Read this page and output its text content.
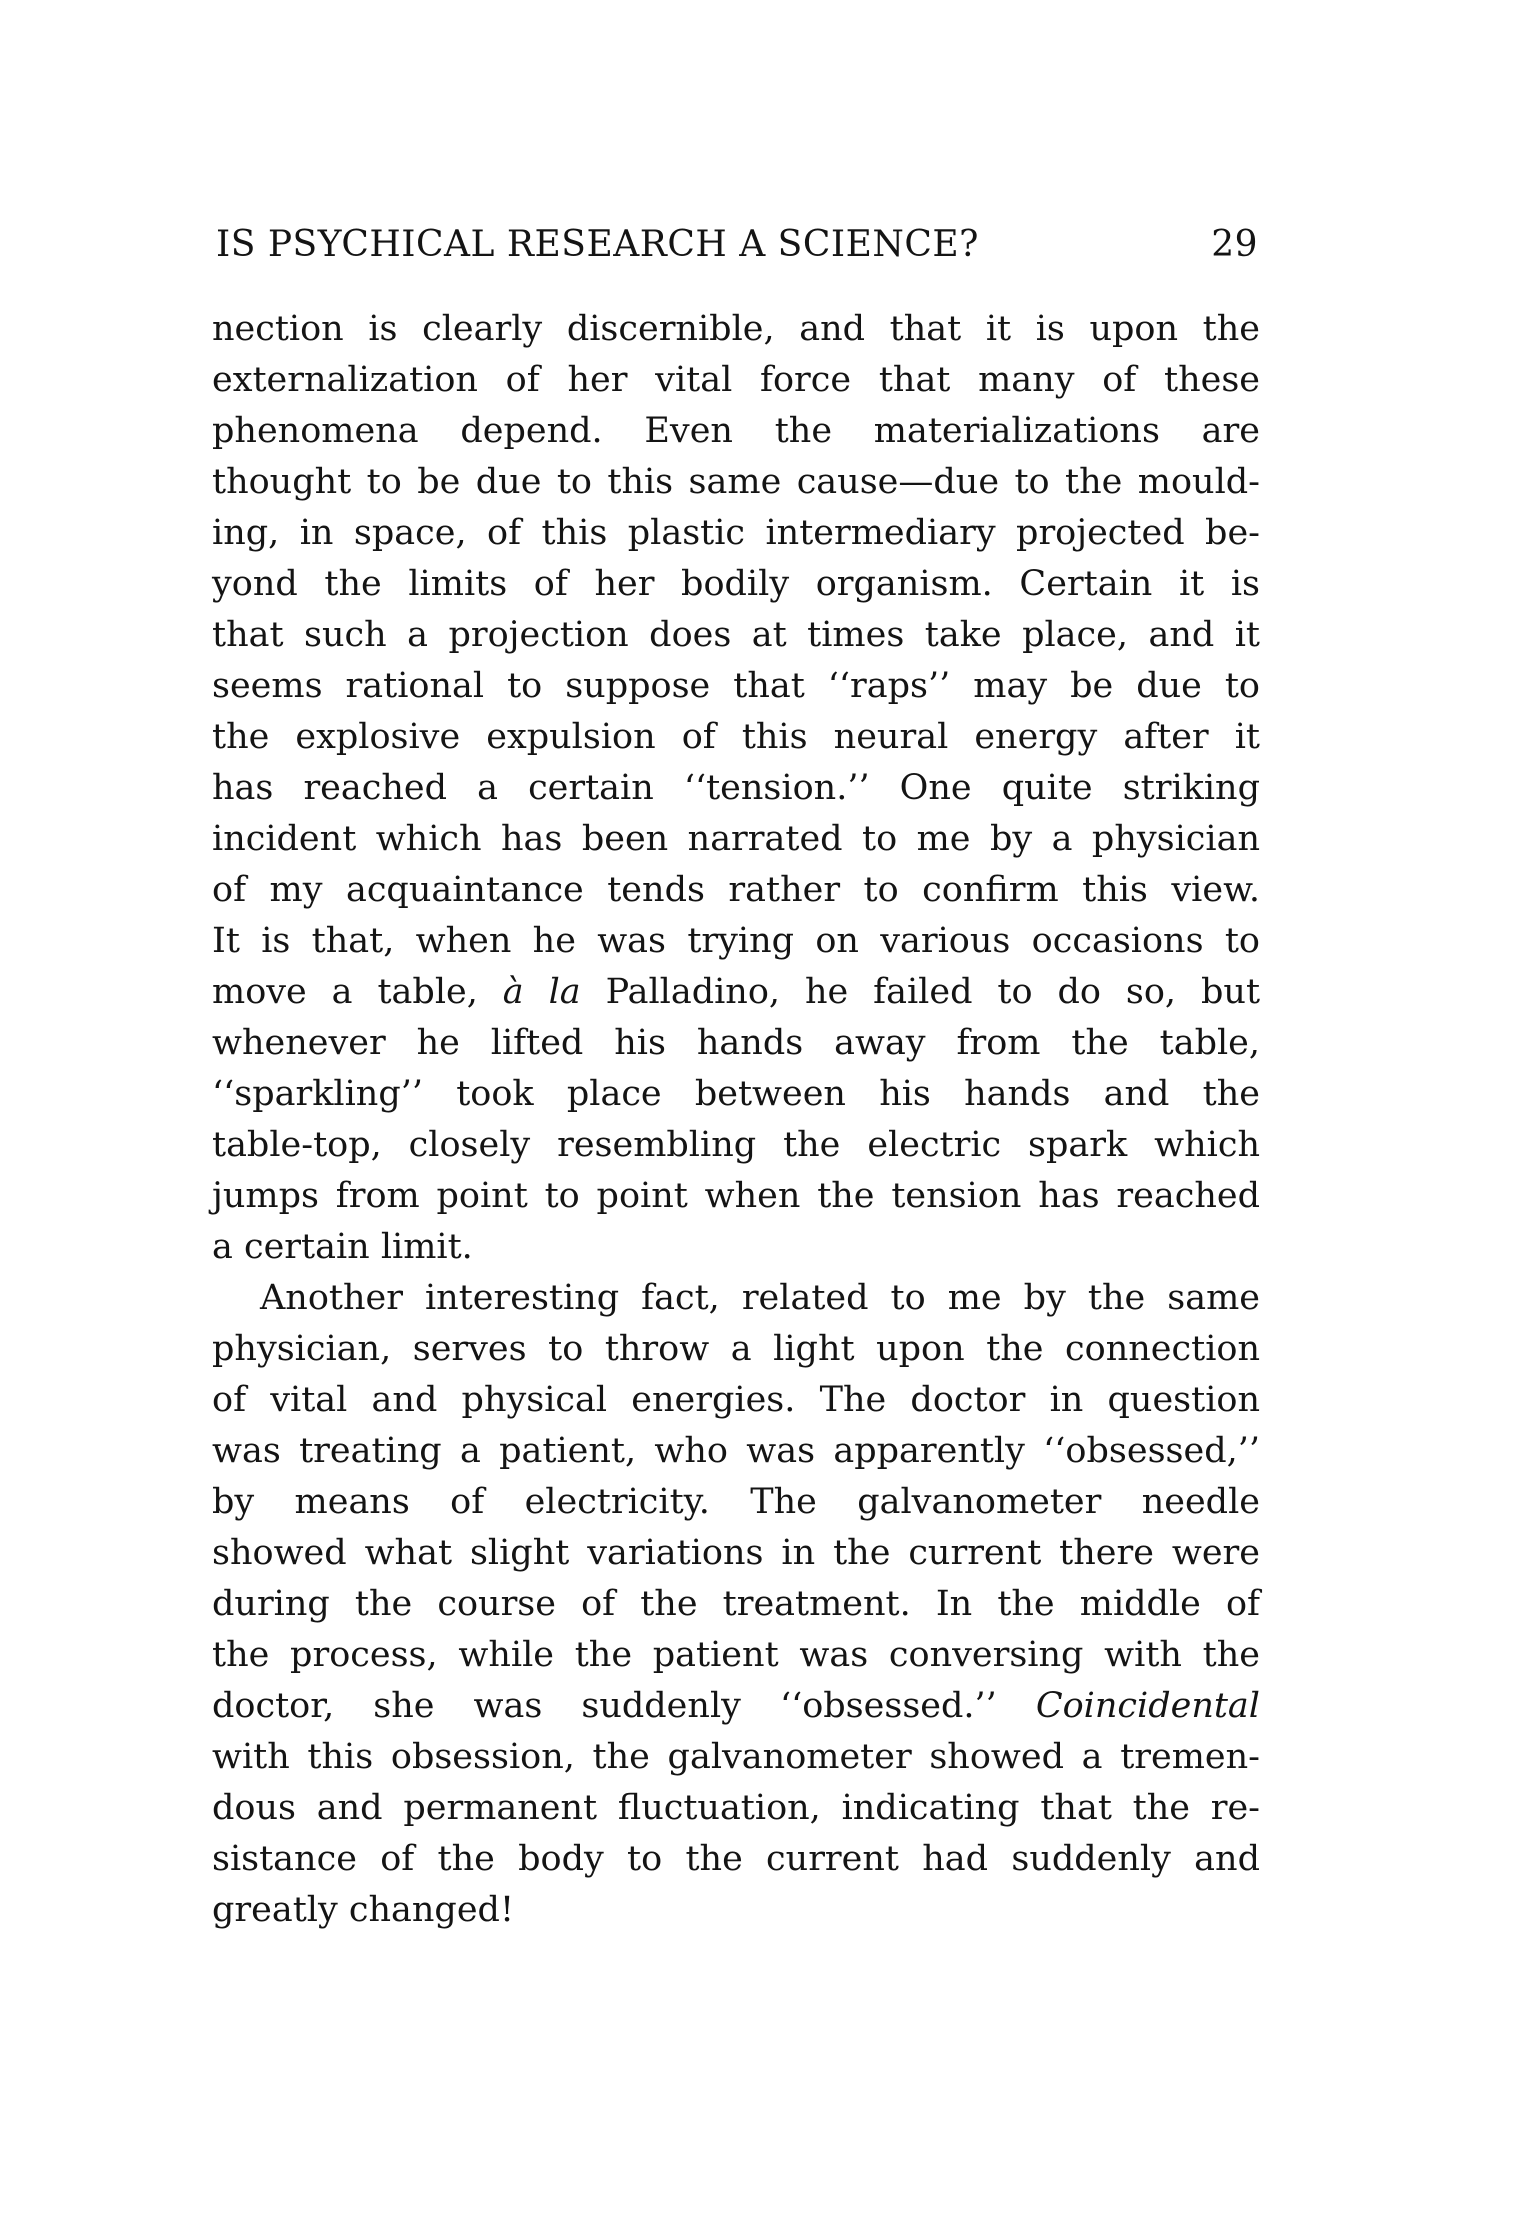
IS PSYCHICAL RESEARCH A SCIENCE?	29
nection is clearly discernible, and that it is upon the
externalization of her vital force that many of these
phenomena depend. Even the materializations are
thought to be due to this same cause—due to the mould-
ing, in space, of this plastic intermediary projected be-
yond the limits of her bodily organism. Certain it is
that such a projection does at times take place, and it
seems rational to suppose that ‘‘raps’’ may be due to
the explosive expulsion of this neural energy after it
has reached a certain ‘‘tension.’’ One quite striking
incident which has been narrated to me by a physician
of my acquaintance tends rather to confirm this view.
It is that, when he was trying on various occasions to
move a table, à la Palladino, he failed to do so, but
whenever he lifted his hands away from the table,
‘‘sparkling’’ took place between his hands and the
table-top, closely resembling the electric spark which
jumps from point to point when the tension has reached
a certain limit.
Another interesting fact, related to me by the same
physician, serves to throw a light upon the connection
of vital and physical energies. The doctor in question
was treating a patient, who was apparently ‘‘obsessed,’’
by means of electricity. The galvanometer needle
showed what slight variations in the current there were
during the course of the treatment. In the middle of
the process, while the patient was conversing with the
doctor, she was suddenly ‘‘obsessed.’’ Coincidental
with this obsession, the galvanometer showed a tremen-
dous and permanent fluctuation, indicating that the re-
sistance of the body to the current had suddenly and
greatly changed!
